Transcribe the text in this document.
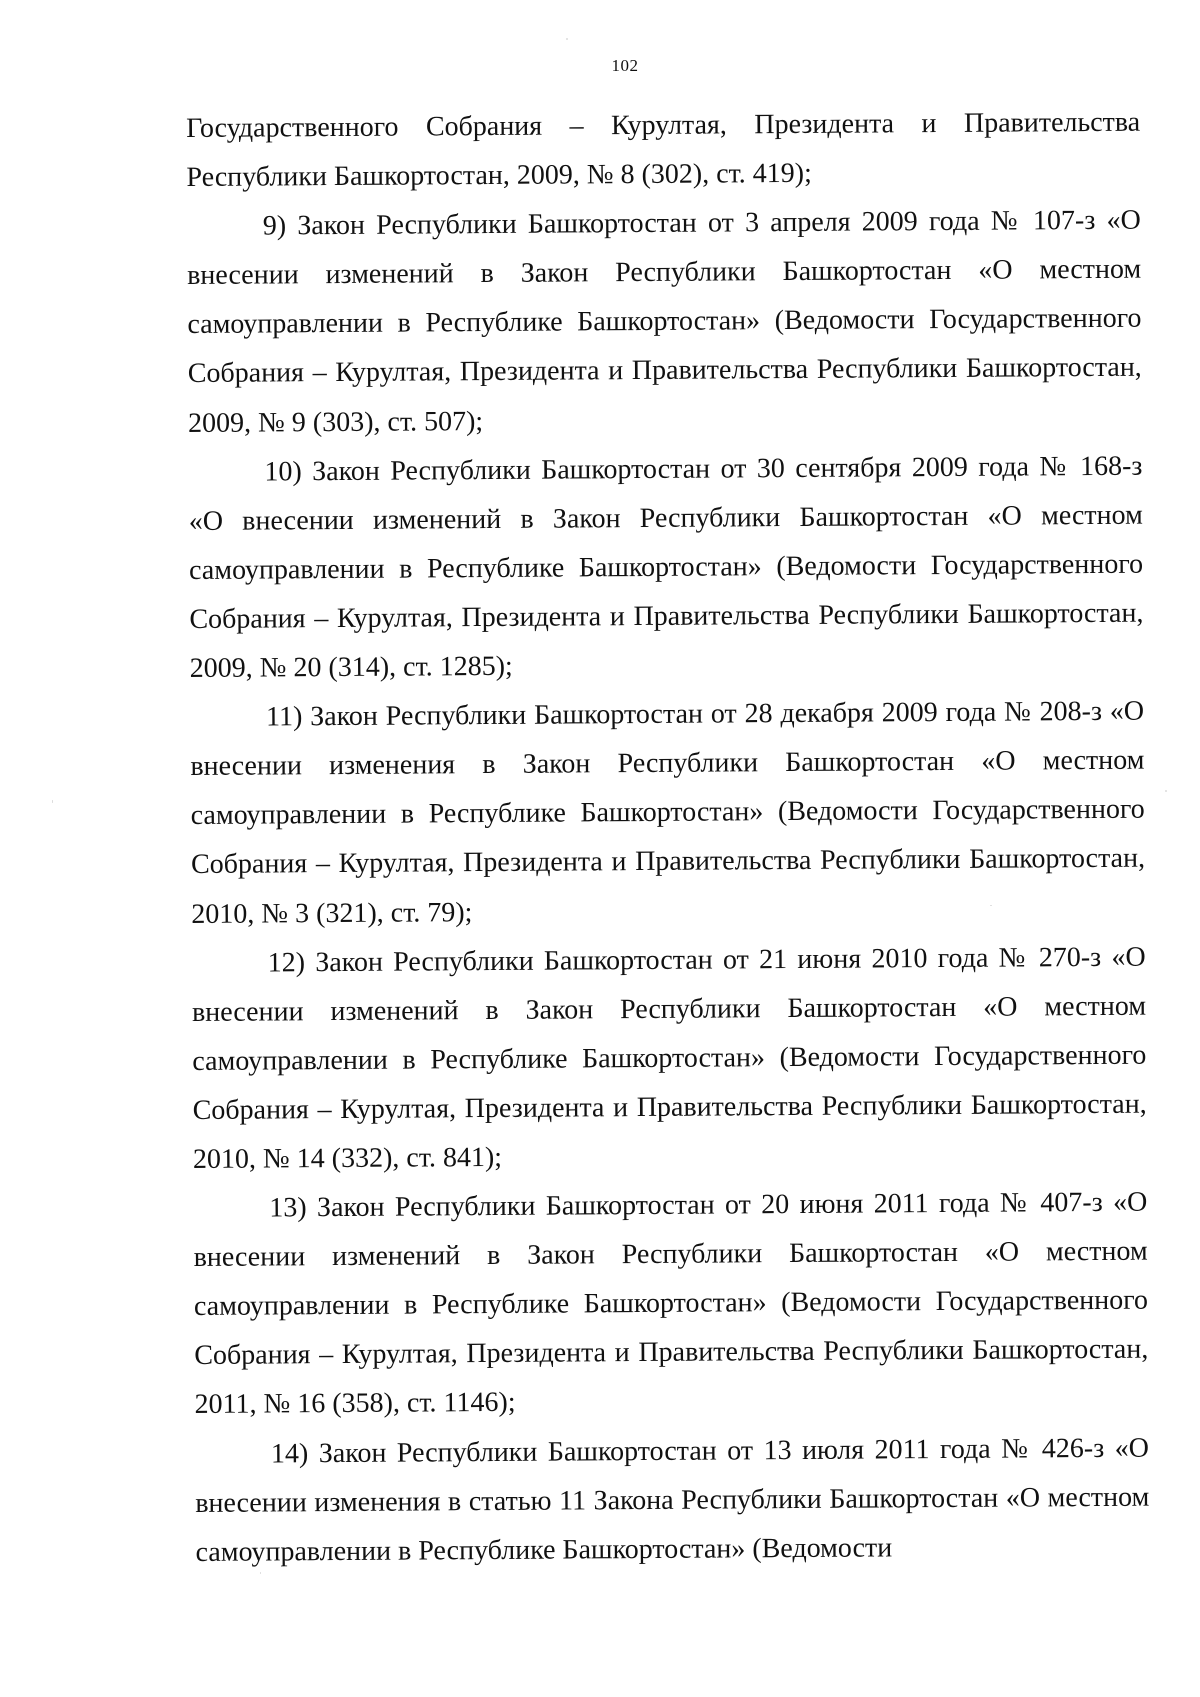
102

Государственного Собрания – Курултая, Президента и Правительства Республики Башкортостан, 2009, № 8 (302), ст. 419);

9) Закон Республики Башкортостан от 3 апреля 2009 года № 107-з «О внесении изменений в Закон Республики Башкортостан «О местном самоуправлении в Республике Башкортостан» (Ведомости Государственного Собрания – Курултая, Президента и Правительства Республики Башкортостан, 2009, № 9 (303), ст. 507);

10) Закон Республики Башкортостан от 30 сентября 2009 года № 168-з «О внесении изменений в Закон Республики Башкортостан «О местном самоуправлении в Республике Башкортостан» (Ведомости Государственного Собрания – Курултая, Президента и Правительства Республики Башкортостан, 2009, № 20 (314), ст. 1285);

11) Закон Республики Башкортостан от 28 декабря 2009 года № 208-з «О внесении изменения в Закон Республики Башкортостан «О местном самоуправлении в Республике Башкортостан» (Ведомости Государственного Собрания – Курултая, Президента и Правительства Республики Башкортостан, 2010, № 3 (321), ст. 79);

12) Закон Республики Башкортостан от 21 июня 2010 года № 270-з «О внесении изменений в Закон Республики Башкортостан «О местном самоуправлении в Республике Башкортостан» (Ведомости Государственного Собрания – Курултая, Президента и Правительства Республики Башкортостан, 2010, № 14 (332), ст. 841);

13) Закон Республики Башкортостан от 20 июня 2011 года № 407-з «О внесении изменений в Закон Республики Башкортостан «О местном самоуправлении в Республике Башкортостан» (Ведомости Государственного Собрания – Курултая, Президента и Правительства Республики Башкортостан, 2011, № 16 (358), ст. 1146);

14) Закон Республики Башкортостан от 13 июля 2011 года № 426-з «О внесении изменения в статью 11 Закона Республики Башкортостан «О местном самоуправлении в Республике Башкортостан» (Ведомости
